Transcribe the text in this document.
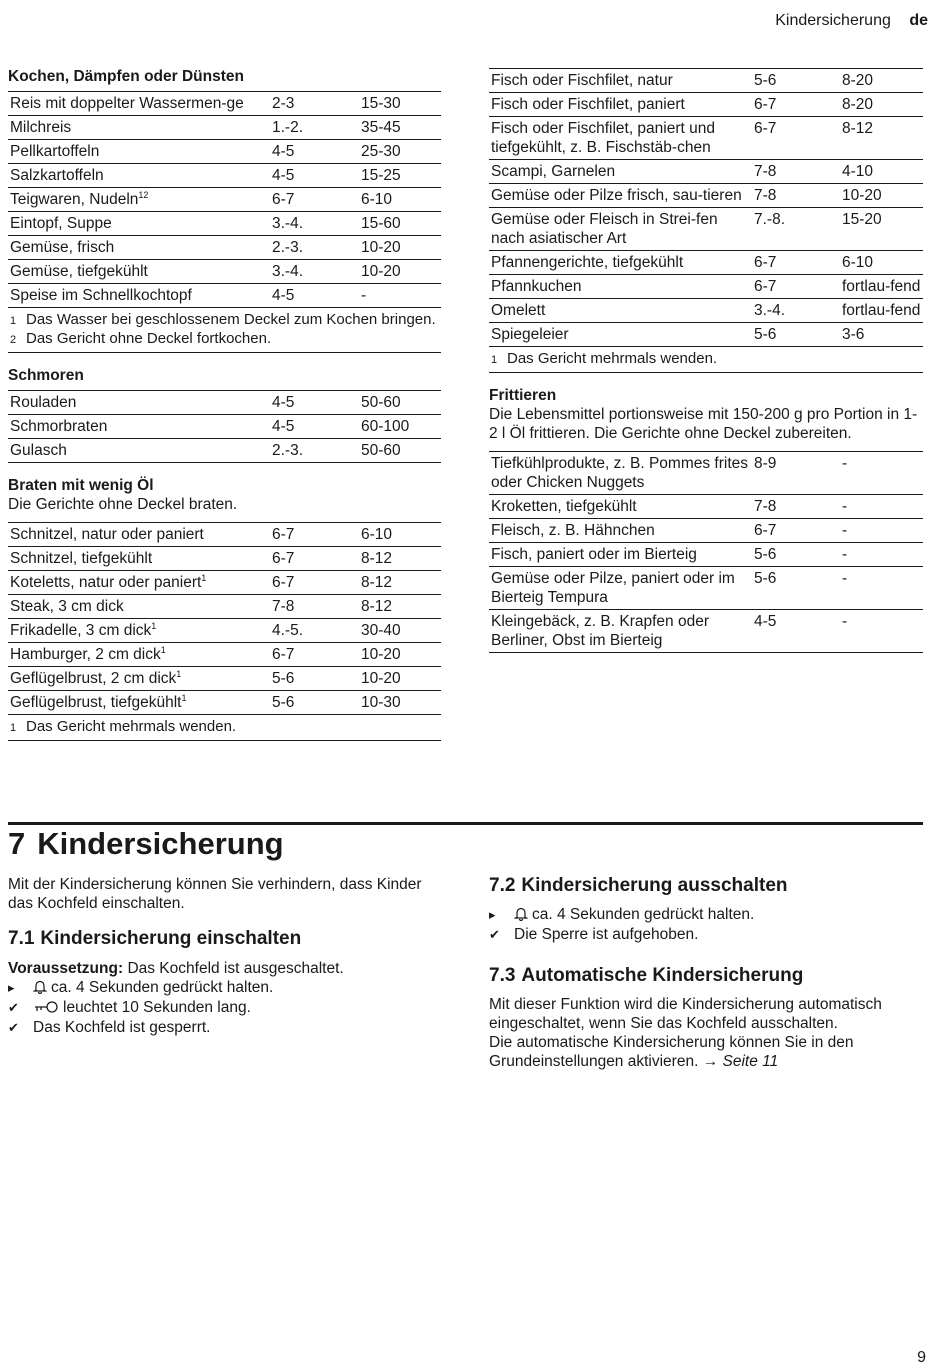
Kindersicherung de
Kochen, Dämpfen oder Dünsten
Reis mit doppelter Wassermen-ge	2-3	15-30
Milchreis	1.-2.	35-45
Pellkartoffeln	4-5	25-30
Salzkartoffeln	4-5	15-25
Teigwaren, Nudeln$^{12}$	6-7	6-10
Eintopf, Suppe	3.-4.	15-60
Gemüse, frisch	2.-3.	10-20
Gemüse, tiefgekühlt	3.-4.	10-20
Speise im Schnellkochtopf	4-5	-
1 Das Wasser bei geschlossenem Deckel zum Kochen bringen.
2 Das Gericht ohne Deckel fortkochen.
Schmoren
Rouladen	4-5	50-60
Schmorbraten	4-5	60-100
Gulasch	2.-3.	50-60
Braten mit wenig Öl
Die Gerichte ohne Deckel braten.
Schnitzel, natur oder paniert	6-7	6-10
Schnitzel, tiefgekühlt	6-7	8-12
Koteletts, natur oder paniert$^1$	6-7	8-12
Steak, 3 cm dick	7-8	8-12
Frikadelle, 3 cm dick$^1$	4.-5.	30-40
Hamburger, 2 cm dick$^1$	6-7	10-20
Geflügelbrust, 2 cm dick$^1$	5-6	10-20
Geflügelbrust, tiefgekühlt$^1$	5-6	10-30
1 Das Gericht mehrmals wenden.
Fisch oder Fischfilet, natur	5-6	8-20
Fisch oder Fischfilet, paniert	6-7	8-20
Fisch oder Fischfilet, paniert und tiefgekühlt, z. B. Fischstäb-chen	6-7	8-12
Scampi, Garnelen	7-8	4-10
Gemüse oder Pilze frisch, sau-tieren	7-8	10-20
Gemüse oder Fleisch in Strei-fen nach asiatischer Art	7.-8.	15-20
Pfannengerichte, tiefgekühlt	6-7	6-10
Pfannkuchen	6-7	fortlau-fend
Omelett	3.-4.	fortlau-fend
Spiegeleier	5-6	3-6
1 Das Gericht mehrmals wenden.
Frittieren
Die Lebensmittel portionsweise mit 150-200 g pro Portion in 1-2 l Öl frittieren. Die Gerichte ohne Deckel zubereiten.
Tiefkühlprodukte, z. B. Pommes frites oder Chicken Nuggets	8-9	-
Kroketten, tiefgekühlt	7-8	-
Fleisch, z. B. Hähnchen	6-7	-
Fisch, paniert oder im Bierteig	5-6	-
Gemüse oder Pilze, paniert oder im Bierteig Tempura	5-6	-
Kleingebäck, z. B. Krapfen oder Berliner, Obst im Bierteig	4-5	-
7 Kindersicherung
Mit der Kindersicherung können Sie verhindern, dass Kinder das Kochfeld einschalten.
7.1 Kindersicherung einschalten
Voraussetzung: Das Kochfeld ist ausgeschaltet.
▸	ca. 4 Sekunden gedrückt halten.
✔	leuchtet 10 Sekunden lang.
✔ Das Kochfeld ist gesperrt.
7.2 Kindersicherung ausschalten
▸	ca. 4 Sekunden gedrückt halten.
✔ Die Sperre ist aufgehoben.
7.3 Automatische Kindersicherung
Mit dieser Funktion wird die Kindersicherung automatisch eingeschaltet, wenn Sie das Kochfeld ausschalten.
Die automatische Kindersicherung können Sie in den Grundeinstellungen aktivieren. → Seite 11
9
